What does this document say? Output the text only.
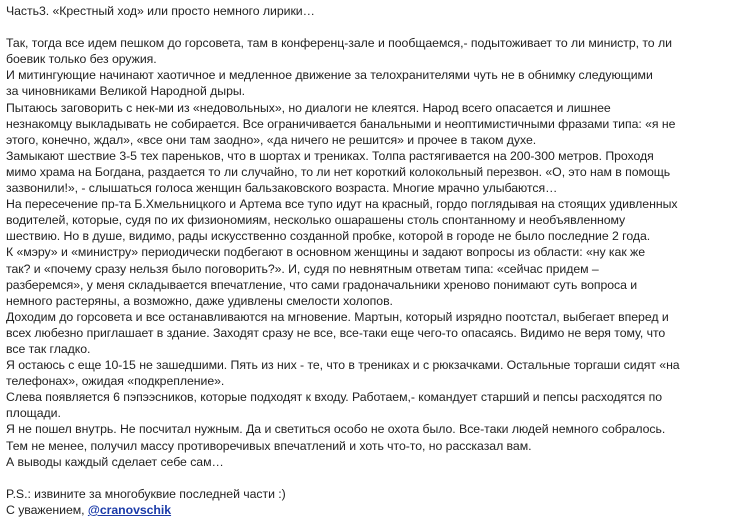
Часть3. «Крестный ход» или просто немного лирики…
Так, тогда все идем пешком до горсовета, там в конференц-зале и пообщаемся,- подытоживает то ли министр, то ли
боевик только без оружия.
И митингующие начинают хаотичное и медленное движение за телохранителями чуть не в обнимку следующими
за чиновниками Великой Народной дыры.
Пытаюсь заговорить с нек-ми из «недовольных», но диалоги не клеятся. Народ всего опасается и лишнее
незнакомцу выкладывать не собирается. Все ограничивается банальными и неоптимистичными фразами типа: «я не
этого, конечно, ждал», «все они там заодно», «да ничего не решится» и прочее в таком духе.
Замыкают шествие 3-5 тех пареньков, что в шортах и трениках. Толпа растягивается на 200-300 метров. Проходя
мимо храма на Богдана, раздается то ли случайно, то ли нет короткий колокольный перезвон. «О, это нам в помощь
зазвонили!», - слышаться голоса женщин бальзаковского возраста. Многие мрачно улыбаются…
На пересечение пр-та Б.Хмельницкого и Артема все тупо идут на красный, гордо поглядывая на стоящих удивленных
водителей, которые, судя по их физиономиям, несколько ошарашены столь спонтанному и необъявленному
шествию. Но в душе, видимо, рады искусственно созданной пробке, которой в городе не было последние 2 года.
К «мэру» и «министру» периодически подбегают в основном женщины и задают вопросы из области: «ну как же
так? и «почему сразу нельзя было поговорить?». И, судя по невнятным ответам типа: «сейчас придем –
разберемся», у меня складывается впечатление, что сами градоначальники хреново понимают суть вопроса и
немного растеряны, а возможно, даже удивлены смелости холопов.
Доходим до горсовета и все останавливаются на мгновение. Мартын, который изрядно поотстал, выбегает вперед и
всех любезно приглашает в здание. Заходят сразу не все, все-таки еще чего-то опасаясь. Видимо не веря тому, что
все так гладко.
Я остаюсь с еще 10-15 не зашедшими. Пять из них - те, что в трениках и с рюкзачками. Остальные торгаши сидят «на
телефонах», ожидая «подкрепление».
Слева появляется 6 пэпээсников, которые подходят к входу. Работаем,- командует старший и пепсы расходятся по
площади.
Я не пошел внутрь. Не посчитал нужным. Да и светиться особо не охота было. Все-таки людей немного собралось.
Тем не менее, получил массу противоречивых впечатлений и хоть что-то, но рассказал вам.
А выводы каждый сделает себе сам…
P.S.: извините за многобуквие последней части :)
С уважением, @cranovschik
